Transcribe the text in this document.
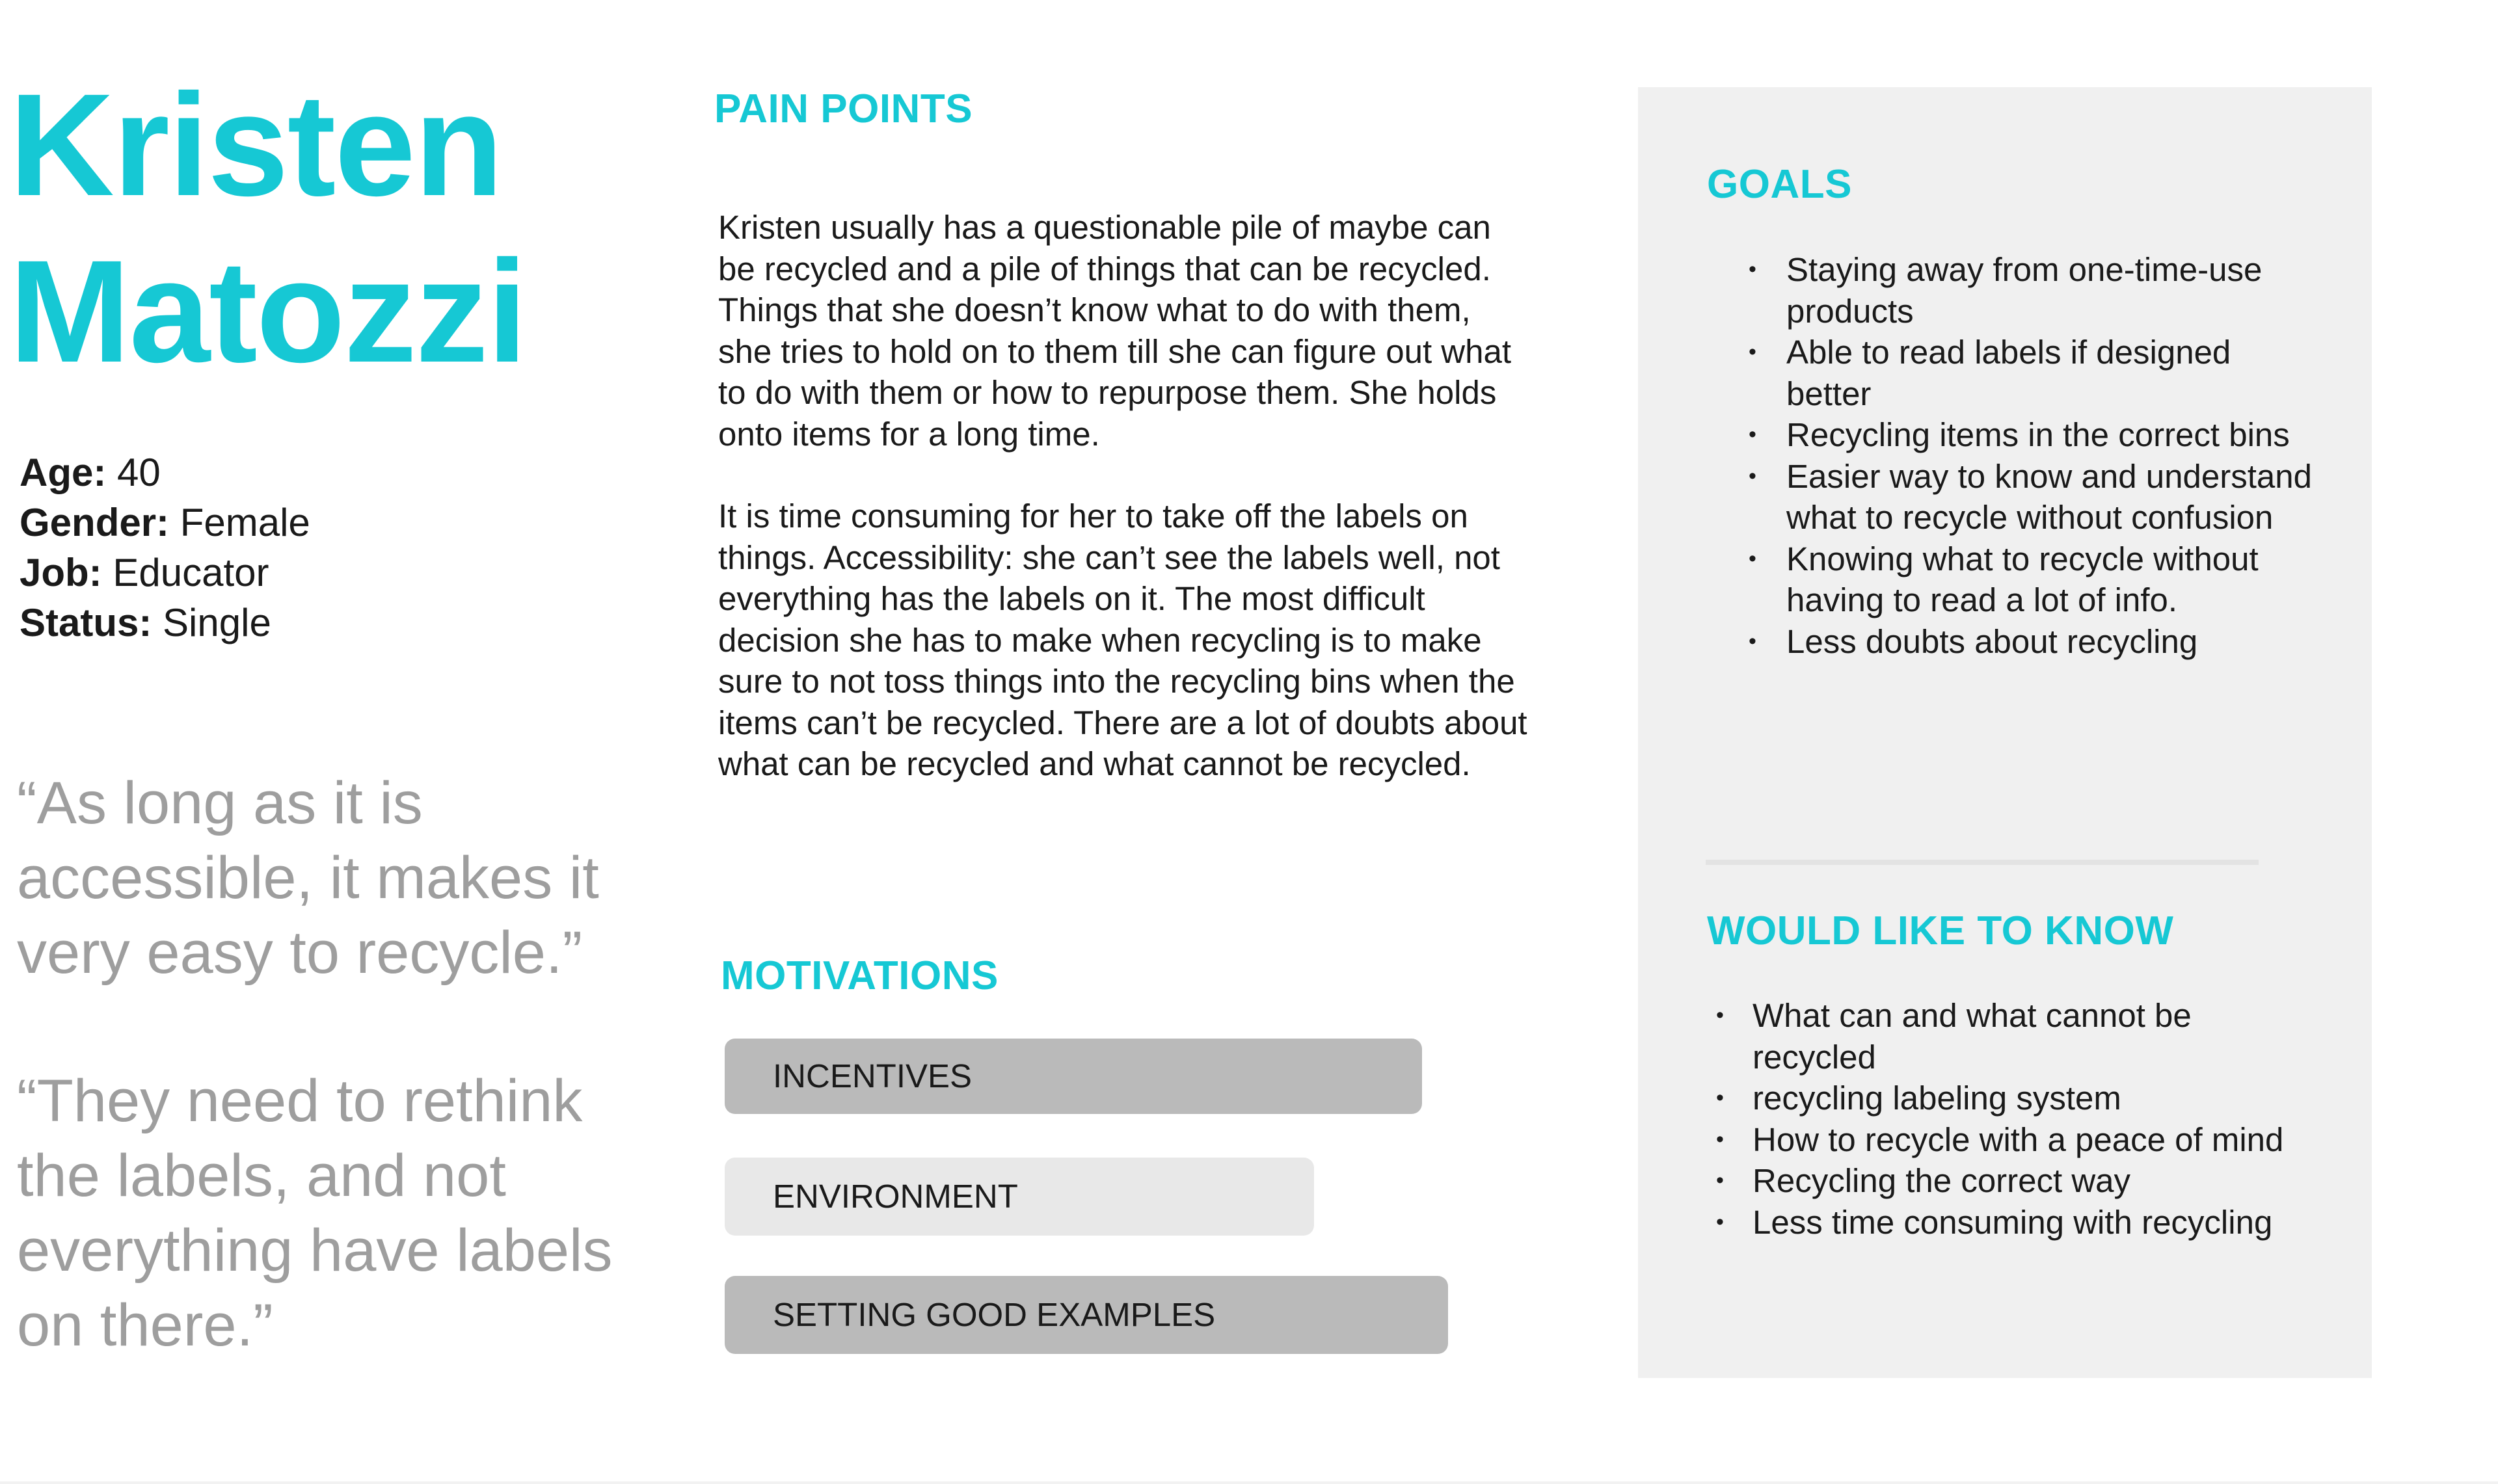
Kristen
Matozzi
Age: 40
Gender: Female
Job: Educator
Status: Single
“As long as it is accessible, it makes it very easy to recycle.”
“They need to rethink the labels, and not everything have labels on there.”
PAIN POINTS

Kristen usually has a questionable pile of maybe can be recycled and a pile of things that can be recycled. Things that she doesn’t know what to do with them, she tries to hold on to them till she can figure out what to do with them or how to repurpose them. She holds onto items for a long time.

It is time consuming for her to take off the labels on things. Accessibility: she can’t see the labels well, not everything has the labels on it. The most difficult decision she has to make when recycling is to make sure to not toss things into the recycling bins when the items can’t be recycled. There are a lot of doubts about what can be recycled and what cannot be recycled.

MOTIVATIONS
INCENTIVES
ENVIRONMENT
SETTING GOOD EXAMPLES
GOALS
• Staying away from one-time-use products
• Able to read labels if designed better
• Recycling items in the correct bins
• Easier way to know and understand what to recycle without confusion
• Knowing what to recycle without having to read a lot of info.
• Less doubts about recycling
WOULD LIKE TO KNOW
• What can and what cannot be recycled
• recycling labeling system
• How to recycle with a peace of mind
• Recycling the correct way
• Less time consuming with recycling
